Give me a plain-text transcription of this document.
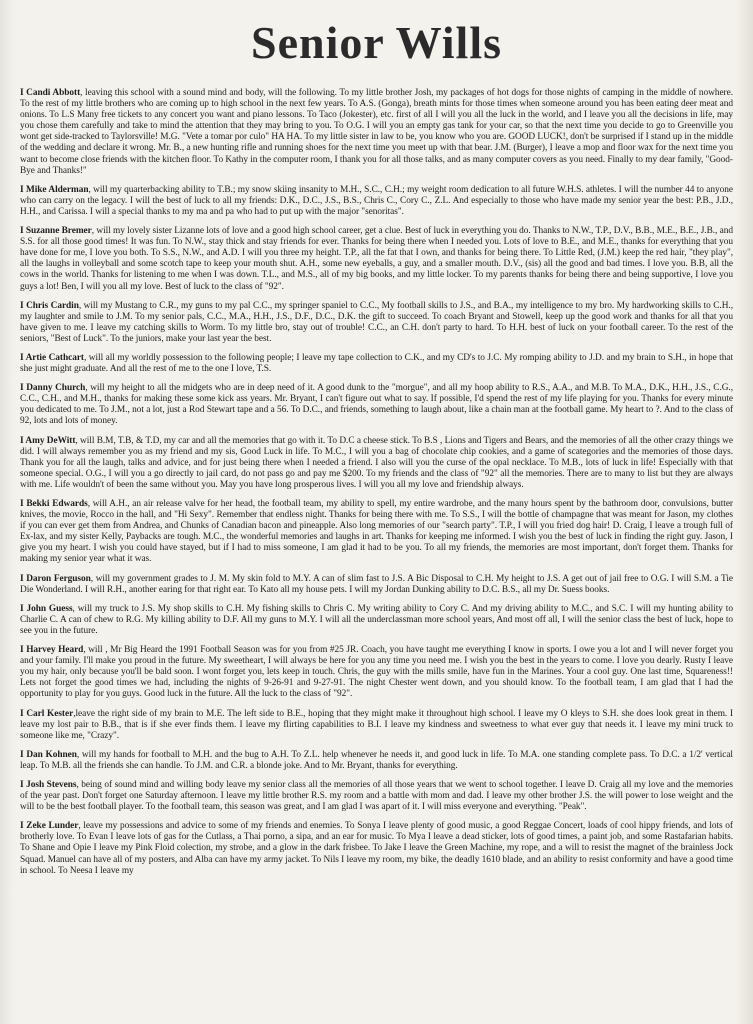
Senior Wills

I Candi Abbott, leaving this school with a sound mind and body, will the following. To my little brother Josh, my packages of hot dogs for those nights of camping in the middle of nowhere. To the rest of my little brothers who are coming up to high school in the next few years. To A.S. (Gonga), breath mints for those times when someone around you has been eating deer meat and onions. To L.S Many free tickets to any concert you want and piano lessons. To Taco (Jokester), etc. first of all I will you all the luck in the world, and I leave you all the decisions in life, may you chose them carefully and take to mind the attention that they may bring to you. To O.G. I will you an empty gas tank for your car, so that the next time you decide to go to Greenville you wont get side-tracked to Taylorsville! M.G. "Vete a tomar por culo" HA HA. To my little sister in law to be, you know who you are. GOOD LUCK!, don't be surprised if I stand up in the middle of the wedding and declare it wrong. Mr. B., a new hunting rifle and running shoes for the next time you meet up with that bear. J.M. (Burger), I leave a mop and floor wax for the next time you want to become close friends with the kitchen floor. To Kathy in the computer room, I thank you for all those talks, and as many computer covers as you need. Finally to my dear family, "Good-Bye and Thanks!"

I Mike Alderman, will my quarterbacking ability to T.B.; my snow skiing insanity to M.H., S.C., C.H.; my weight room dedication to all future W.H.S. athletes. I will the number 44 to anyone who can carry on the legacy. I will the best of luck to all my friends: D.K., D.C., J.S., B.S., Chris C., Cory C., Z.L. And especially to those who have made my senior year the best: P.B., J.D., H.H., and Carissa. I will a special thanks to my ma and pa who had to put up with the major "senoritas".

I Suzanne Bremer, will my lovely sister Lizanne lots of love and a good high school career, get a clue. Best of luck in everything you do. Thanks to N.W., T.P., D.V., B.B., M.E., B.E., J.B., and S.S. for all those good times! It was fun. To N.W., stay thick and stay friends for ever. Thanks for being there when I needed you. Lots of love to B.E., and M.E., thanks for everything that you have done for me, I love you both. To S.S., N.W., and A.D. I will you three my height. T.P., all the fat that I own, and thanks for being there. To Little Red, (J.M.) keep the red hair, "they play", all the laughs in volleyball and some scotch tape to keep your mouth shut. A.H., some new eyeballs, a guy, and a smaller mouth. D.V., (sis) all the good and bad times. I love you. B.B, all the cows in the world. Thanks for listening to me when I was down. T.L., and M.S., all of my big books, and my little locker. To my parents thanks for being there and being supportive, I love you guys a lot! Ben, I will you all my love. Best of luck to the class of "92".

I Chris Cardin, will my Mustang to C.R., my guns to my pal C.C., my springer spaniel to C.C., My football skills to J.S., and B.A., my intelligence to my bro. My hardworking skills to C.H., my laughter and smile to J.M. To my senior pals, C.C., M.A., H.H., J.S., D.F., D.C., D.K. the gift to succeed. To coach Bryant and Stowell, keep up the good work and thanks for all that you have given to me. I leave my catching skills to Worm. To my little bro, stay out of trouble! C.C., an C.H. don't party to hard. To H.H. best of luck on your football career. To the rest of the seniors, "Best of Luck". To the juniors, make your last year the best.

I Artie Cathcart, will all my worldly possession to the following people; I leave my tape collection to C.K., and my CD's to J.C. My romping ability to J.D. and my brain to S.H., in hope that she just might graduate. And all the rest of me to the one I love, T.S.

I Danny Church, will my height to all the midgets who are in deep need of it. A good dunk to the "morgue", and all my hoop ability to R.S., A.A., and M.B. To M.A., D.K., H.H., J.S., C.G., C.C., C.H., and M.H., thanks for making these some kick ass years. Mr. Bryant, I can't figure out what to say. If possible, I'd spend the rest of my life playing for you. Thanks for every minute you dedicated to me. To J.M., not a lot, just a Rod Stewart tape and a 56. To D.C., and friends, something to laugh about, like a chain man at the football game. My heart to ?. And to the class of 92, lots and lots of money.

I Amy DeWitt, will B.M, T.B, & T.D, my car and all the memories that go with it. To D.C a cheese stick. To B.S , Lions and Tigers and Bears, and the memories of all the other crazy things we did. I will always remember you as my friend and my sis, Good Luck in life. To M.C., I will you a bag of chocolate chip cookies, and a game of scategories and the memories of those days. Thank you for all the laugh, talks and advice, and for just being there when I needed a friend. I also will you the curse of the opal necklace. To M.B., lots of luck in life! Especially with that someone special. O.G., I will you a go directly to jail card, do not pass go and pay me $200. To my friends and the class of "92" all the memories. There are to many to list but they are always with me. Life wouldn't of been the same without you. May you have long prosperous lives. I will you all my love and friendship always.

I Bekki Edwards, will A.H., an air release valve for her head, the football team, my ability to spell, my entire wardrobe, and the many hours spent by the bathroom door, convulsions, butter knives, the movie, Rocco in the hall, and "Hi Sexy". Remember that endless night. Thanks for being there with me. To S.S., I will the bottle of champagne that was meant for Jason, my clothes if you can ever get them from Andrea, and Chunks of Canadian bacon and pineapple. Also long memories of our "search party". T.P., I will you fried dog hair! D. Craig, I leave a trough full of Ex-lax, and my sister Kelly, Paybacks are tough. M.C., the wonderful memories and laughs in art. Thanks for keeping me informed. I wish you the best of luck in finding the right guy. Jason, I give you my heart. I wish you could have stayed, but if I had to miss someone, I am glad it had to be you. To all my friends, the memories are most important, don't forget them. Thanks for making my senior year what it was.

I Daron Ferguson, will my government grades to J. M. My skin fold to M.Y. A can of slim fast to J.S. A Bic Disposal to C.H. My height to J.S. A get out of jail free to O.G. I will S.M. a Tie Die Wonderland. I will R.H., another earing for that right ear. To Kato all my house pets. I will my Jordan Dunking ability to D.C. B.S., all my Dr. Suess books.

I John Guess, will my truck to J.S. My shop skills to C.H. My fishing skills to Chris C. My writing ability to Cory C. And my driving ability to M.C., and S.C. I will my hunting ability to Charlie C. A can of chew to R.G. My killing ability to D.F. All my guns to M.Y. I will all the underclassman more school years, And most off all, I will the senior class the best of luck, hope to see you in the future.

I Harvey Heard, will , Mr Big Heard the 1991 Football Season was for you from #25 JR. Coach, you have taught me everything I know in sports. I owe you a lot and I will never forget you and your family. I'll make you proud in the future. My sweetheart, I will always be here for you any time you need me. I wish you the best in the years to come. I love you dearly. Rusty I leave you my hair, only because you'll be bald soon. I wont forget you, lets keep in touch. Chris, the guy with the mills smile, have fun in the Marines. Your a cool guy. One last time, Squareness!! Lets not forget the good times we had, including the nights of 9-26-91 and 9-27-91. The night Chester went down, and you should know. To the football team, I am glad that I had the opportunity to play for you guys. Good luck in the future. All the luck to the class of "92".

I Carl Kester,leave the right side of my brain to M.E. The left side to B.E., hoping that they might make it throughout high school. I leave my O kleys to S.H. she does look great in them. I leave my lost pair to B.B., that is if she ever finds them. I leave my flirting capabilities to B.I. I leave my kindness and sweetness to what ever guy that needs it. I leave my mini truck to someone like me, "Crazy".

I Dan Kohnen, will my hands for football to M.H. and the bug to A.H. To Z.L. help whenever he needs it, and good luck in life. To M.A. one standing complete pass. To D.C. a 1/2' vertical leap. To M.B. all the friends she can handle. To J.M. and C.R. a blonde joke. And to Mr. Bryant, thanks for everything.

I Josh Stevens, being of sound mind and willing body leave my senior class all the memories of all those years that we went to school together. I leave D. Craig all my love and the memories of the year past. Don't forget one Saturday afternoon. I leave my little brother R.S. my room and a battle with mom and dad. I leave my other brother J.S. the will power to lose weight and the will to be the best football player. To the football team, this season was great, and I am glad I was apart of it. I will miss everyone and everything. "Peak".

I Zeke Lunder, leave my possessions and advice to some of my friends and enemies. To Sonya I leave plenty of good music, a good Reggae Concert, loads of cool hippy friends, and lots of brotherly love. To Evan I leave lots of gas for the Cutlass, a Thai porno, a sipa, and an ear for music. To Mya I leave a dead sticker, lots of good times, a paint job, and some Rastafarian habits. To Shane and Opie I leave my Pink Floid colection, my strobe, and a glow in the dark frisbee. To Jake I leave the Green Machine, my rope, and a will to resist the magnet of the brainless Jock Squad. Manuel can have all of my posters, and Alba can have my army jacket. To Nils I leave my room, my bike, the deadly 1610 blade, and an ability to resist conformity and have a good time in school. To Neesa I leave my
